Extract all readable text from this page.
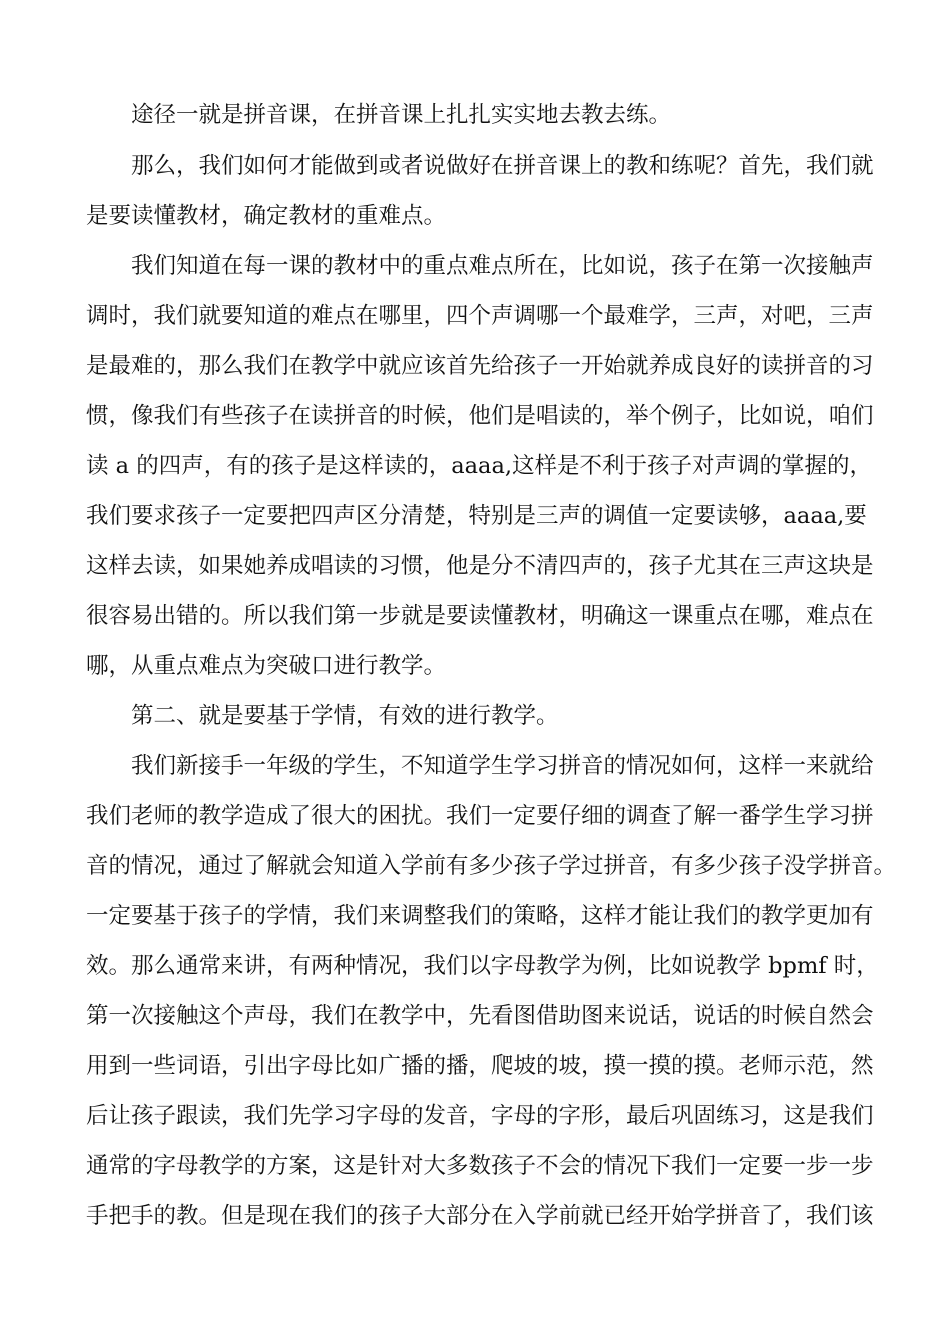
途径一就是拼音课，在拼音课上扎扎实实地去教去练。
那么，我们如何才能做到或者说做好在拼音课上的教和练呢？首先，我们就
是要读懂教材，确定教材的重难点。
我们知道在每一课的教材中的重点难点所在，比如说，孩子在第一次接触声
调时，我们就要知道的难点在哪里，四个声调哪一个最难学，三声，对吧，三声
是最难的，那么我们在教学中就应该首先给孩子一开始就养成良好的读拼音的习
惯，像我们有些孩子在读拼音的时候，他们是唱读的，举个例子，比如说，咱们
读 a 的四声，有的孩子是这样读的，aaaa,这样是不利于孩子对声调的掌握的，
我们要求孩子一定要把四声区分清楚，特别是三声的调值一定要读够，aaaa,要
这样去读，如果她养成唱读的习惯，他是分不清四声的，孩子尤其在三声这块是
很容易出错的。所以我们第一步就是要读懂教材，明确这一课重点在哪，难点在
哪，从重点难点为突破口进行教学。
第二、就是要基于学情，有效的进行教学。
我们新接手一年级的学生，不知道学生学习拼音的情况如何，这样一来就给
我们老师的教学造成了很大的困扰。我们一定要仔细的调查了解一番学生学习拼
音的情况，通过了解就会知道入学前有多少孩子学过拼音，有多少孩子没学拼音。
一定要基于孩子的学情，我们来调整我们的策略，这样才能让我们的教学更加有
效。那么通常来讲，有两种情况，我们以字母教学为例，比如说教学 bpmf 时，
第一次接触这个声母，我们在教学中，先看图借助图来说话，说话的时候自然会
用到一些词语，引出字母比如广播的播，爬坡的坡，摸一摸的摸。老师示范，然
后让孩子跟读，我们先学习字母的发音，字母的字形，最后巩固练习，这是我们
通常的字母教学的方案，这是针对大多数孩子不会的情况下我们一定要一步一步
手把手的教。但是现在我们的孩子大部分在入学前就已经开始学拼音了，我们该
